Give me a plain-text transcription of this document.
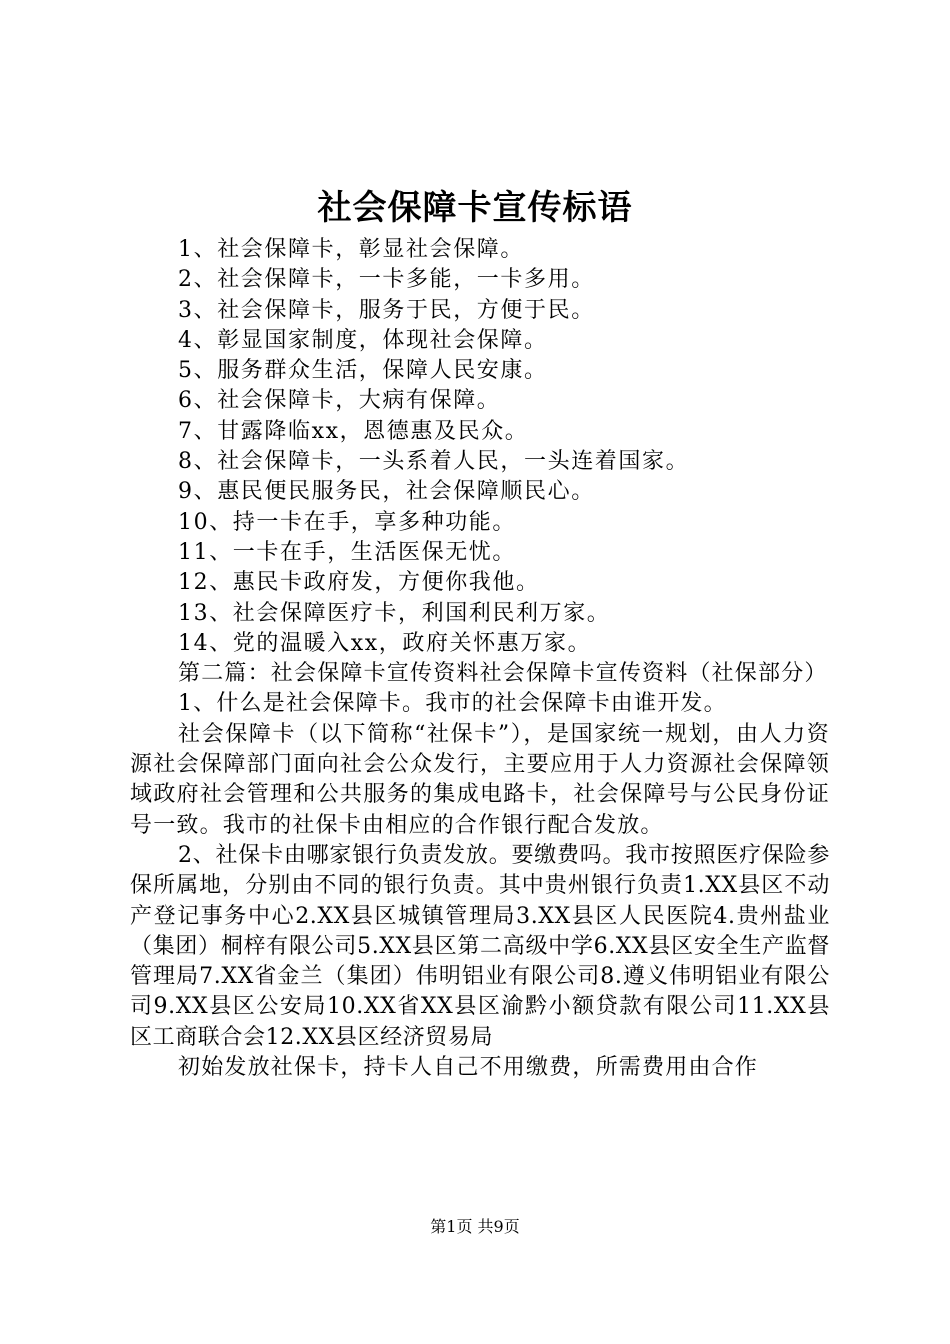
社会保障卡宣传标语
1、社会保障卡，彰显社会保障。
2、社会保障卡，一卡多能，一卡多用。
3、社会保障卡，服务于民，方便于民。
4、彰显国家制度，体现社会保障。
5、服务群众生活，保障人民安康。
6、社会保障卡，大病有保障。
7、甘露降临xx，恩德惠及民众。
8、社会保障卡，一头系着人民，一头连着国家。
9、惠民便民服务民，社会保障顺民心。
10、持一卡在手，享多种功能。
11、一卡在手，生活医保无忧。
12、惠民卡政府发，方便你我他。
13、社会保障医疗卡，利国利民利万家。
14、党的温暖入xx，政府关怀惠万家。

第二篇：社会保障卡宣传资料社会保障卡宣传资料（社保部分）

1、什么是社会保障卡。我市的社会保障卡由谁开发。

社会保障卡（以下简称“社保卡”），是国家统一规划，由人力资源社会保障部门面向社会公众发行，主要应用于人力资源社会保障领域政府社会管理和公共服务的集成电路卡，社会保障号与公民身份证号一致。我市的社保卡由相应的合作银行配合发放。

2、社保卡由哪家银行负责发放。要缴费吗。我市按照医疗保险参保所属地，分别由不同的银行负责。其中贵州银行负责1.XX县区不动产登记事务中心2.XX县区城镇管理局3.XX县区人民医院4.贵州盐业（集团）桐梓有限公司5.XX县区第二高级中学6.XX县区安全生产监督管理局7.XX省金兰（集团）伟明铝业有限公司8.遵义伟明铝业有限公司9.XX县区公安局10.XX省XX县区渝黔小额贷款有限公司11.XX县区工商联合会12.XX县区经济贸易局

初始发放社保卡，持卡人自己不用缴费，所需费用由合作

第1页 共9页
